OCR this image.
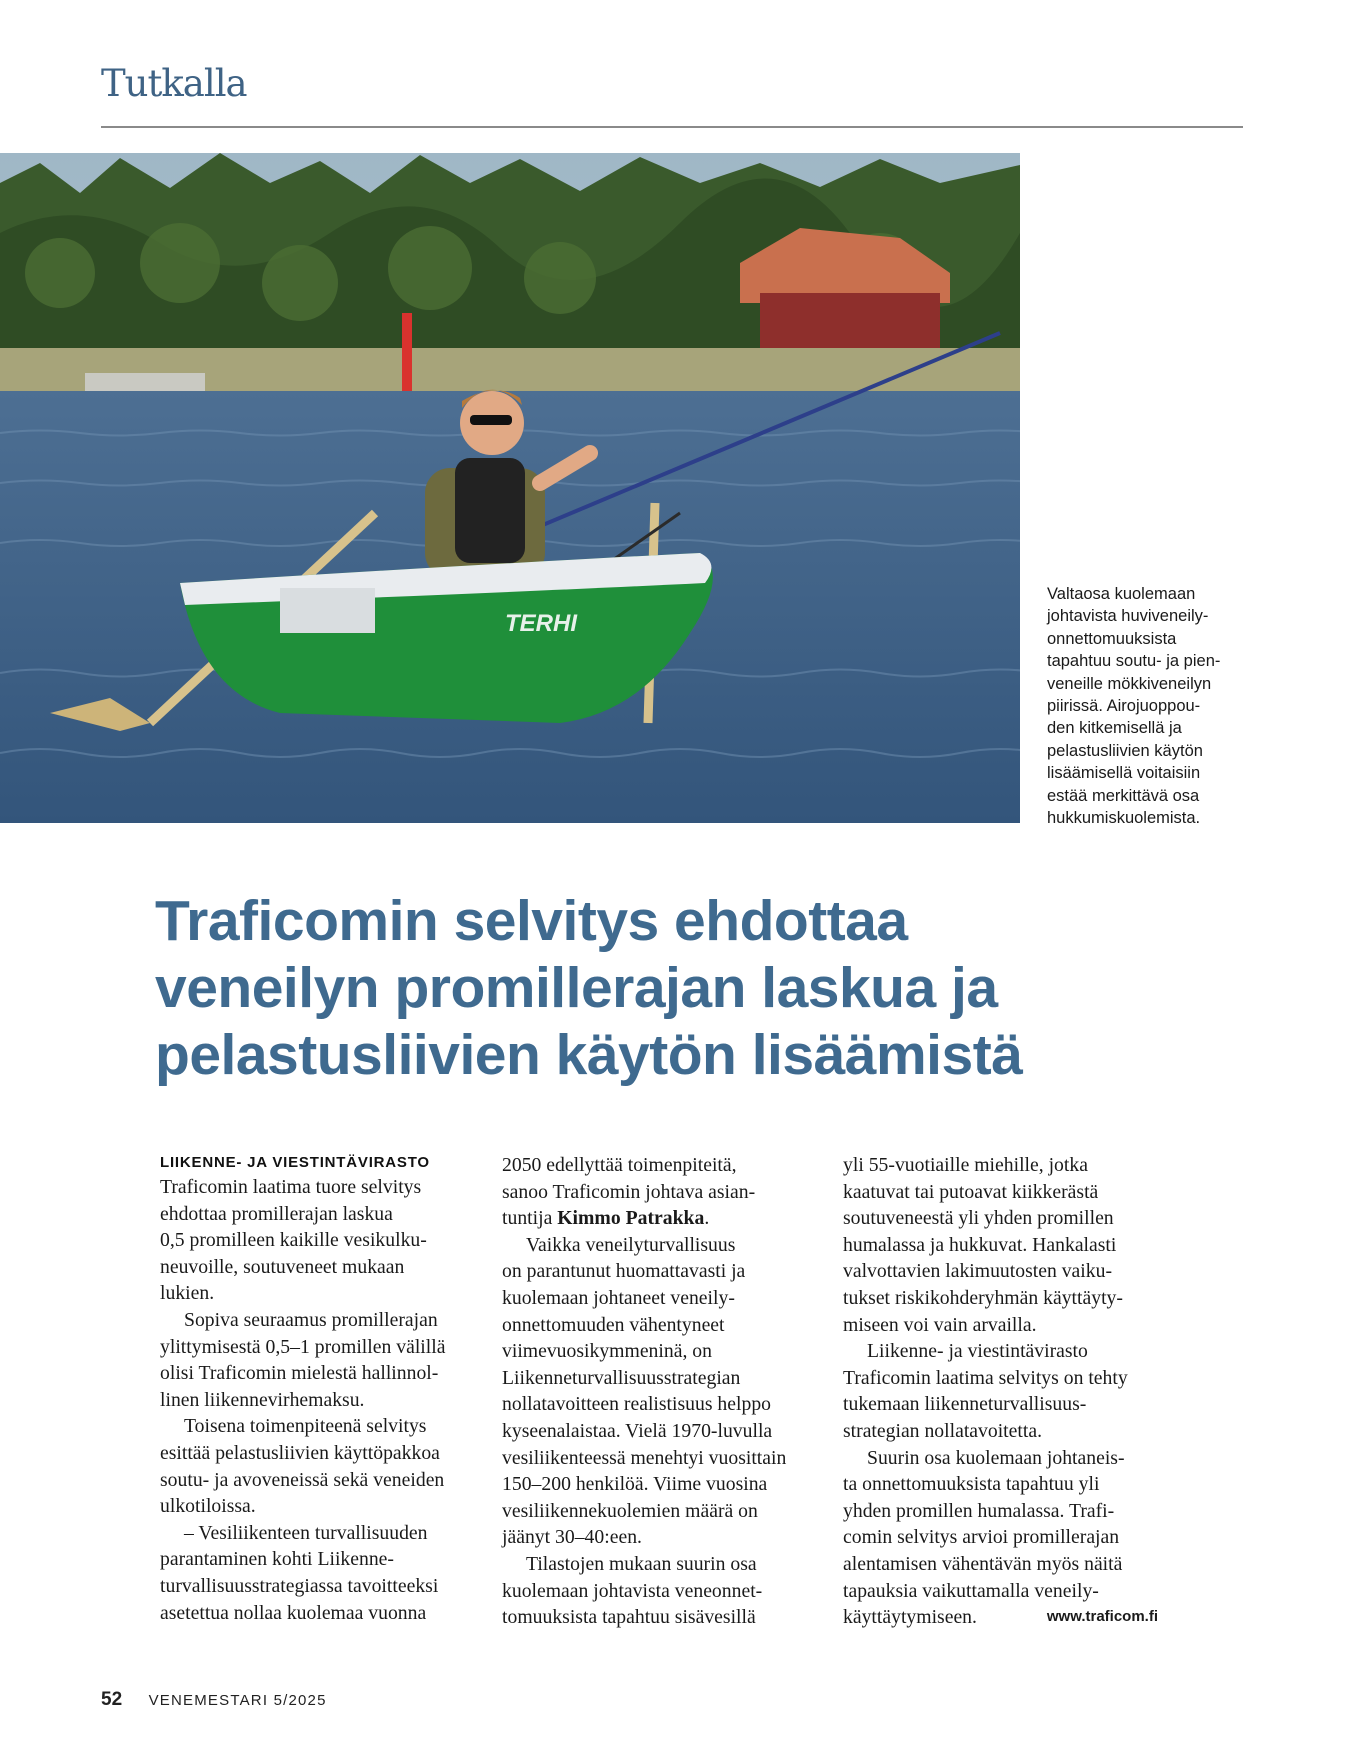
Tutkalla
TERHI
Valtaosa kuolemaan
johtavista huviveneily-
onnettomuuksista
tapahtuu soutu- ja pien-
veneille mökkiveneilyn
piirissä. Airojuoppou-
den kitkemisellä ja
pelastusliivien käytön
lisäämisellä voitaisiin
estää merkittävä osa
hukkumiskuolemista.
Traficomin selvitys ehdottaa
veneilyn promillerajan laskua ja
pelastusliivien käytön lisäämistä
LIIKENNE- JA VIESTINTÄVIRASTO
Traficomin laatima tuore selvitys
ehdottaa promillerajan laskua
0,5 promilleen kaikille vesikulku-
neuvoille, soutuveneet mukaan
lukien.
Sopiva seuraamus promillerajan
ylittymisestä 0,5–1 promillen välillä
olisi Traficomin mielestä hallinnol-
linen liikennevirhemaksu.
Toisena toimenpiteenä selvitys
esittää pelastusliivien käyttöpakkoa
soutu- ja avoveneissä sekä veneiden
ulkotiloissa.
– Vesiliikenteen turvallisuuden
parantaminen kohti Liikenne-
turvallisuusstrategiassa tavoitteeksi
asetettua nollaa kuolemaa vuonna
2050 edellyttää toimenpiteitä,
sanoo Traficomin johtava asian-
tuntija Kimmo Patrakka.
Vaikka veneilyturvallisuus
on parantunut huomattavasti ja
kuolemaan johtaneet veneily-
onnettomuuden vähentyneet
viimevuosikymmeninä, on
Liikenneturvallisuusstrategian
nollatavoitteen realistisuus helppo
kyseenalaistaa. Vielä 1970-luvulla
vesiliikenteessä menehtyi vuosittain
150–200 henkilöä. Viime vuosina
vesiliikennekuolemien määrä on
jäänyt 30–40:een.
Tilastojen mukaan suurin osa
kuolemaan johtavista veneonnet-
tomuuksista tapahtuu sisävesillä
yli 55-vuotiaille miehille, jotka
kaatuvat tai putoavat kiikkerästä
soutuveneestä yli yhden promillen
humalassa ja hukkuvat. Hankalasti
valvottavien lakimuutosten vaiku-
tukset riskikohderyhmän käyttäyty-
miseen voi vain arvailla.
Liikenne- ja viestintävirasto
Traficomin laatima selvitys on tehty
tukemaan liikenneturvallisuus-
strategian nollatavoitetta.
Suurin osa kuolemaan johtaneis-
ta onnettomuuksista tapahtuu yli
yhden promillen humalassa. Trafi-
comin selvitys arvioi promillerajan
alentamisen vähentävän myös näitä
tapauksia vaikuttamalla veneily-
käyttäytymiseen.	www.traficom.fi
52 VENEMESTARI 5/2025
